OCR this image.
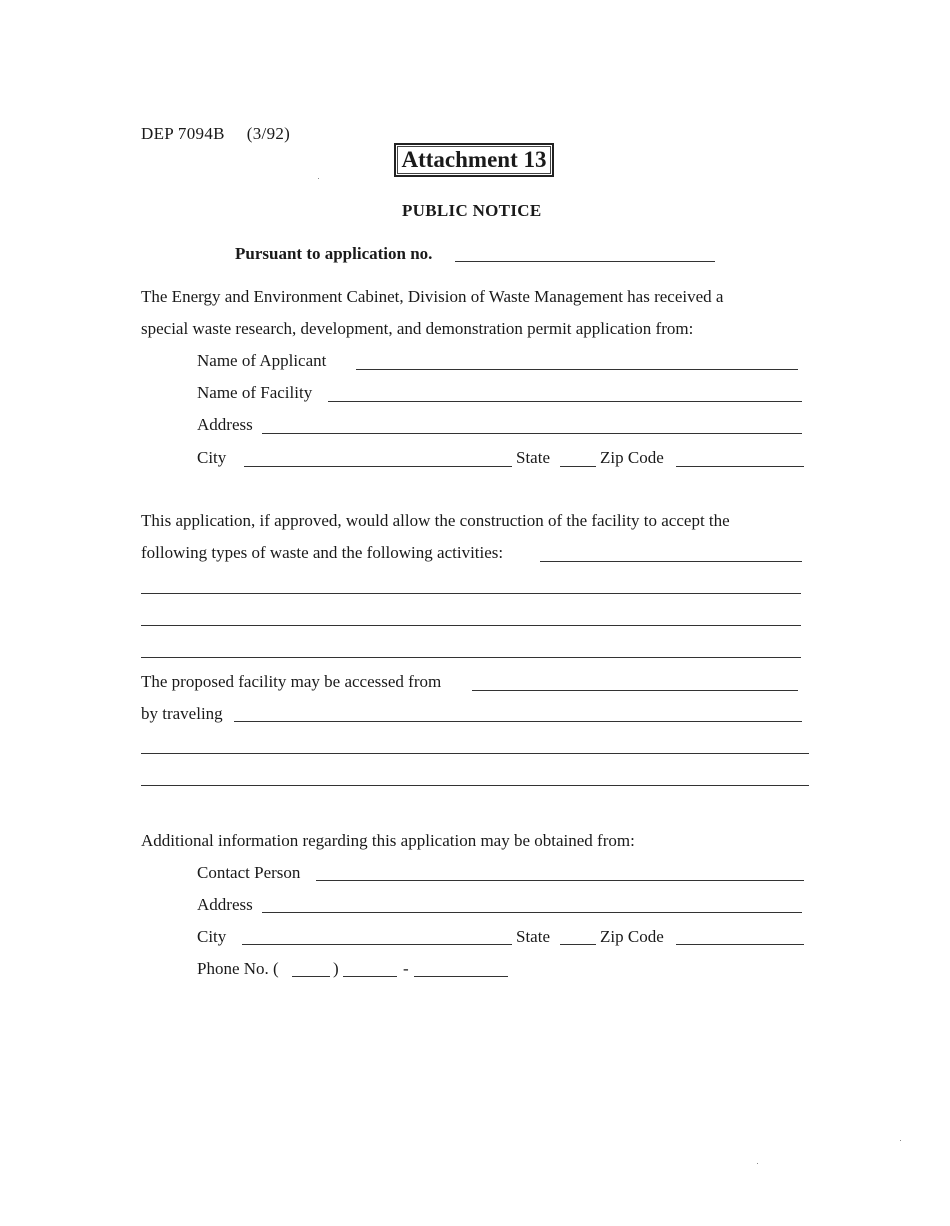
DEP 7094B (3/92)
Attachment 13
PUBLIC NOTICE
Pursuant to application no.
The Energy and Environment Cabinet, Division of Waste Management has received a
special waste research, development, and demonstration permit application from:
Name of Applicant
Name of Facility
Address
City	State	Zip Code
This application, if approved, would allow the construction of the facility to accept the
following types of waste and the following activities:
The proposed facility may be accessed from
by traveling
Additional information regarding this application may be obtained from:
Contact Person
Address
City	State	Zip Code
Phone No. (	)	-
